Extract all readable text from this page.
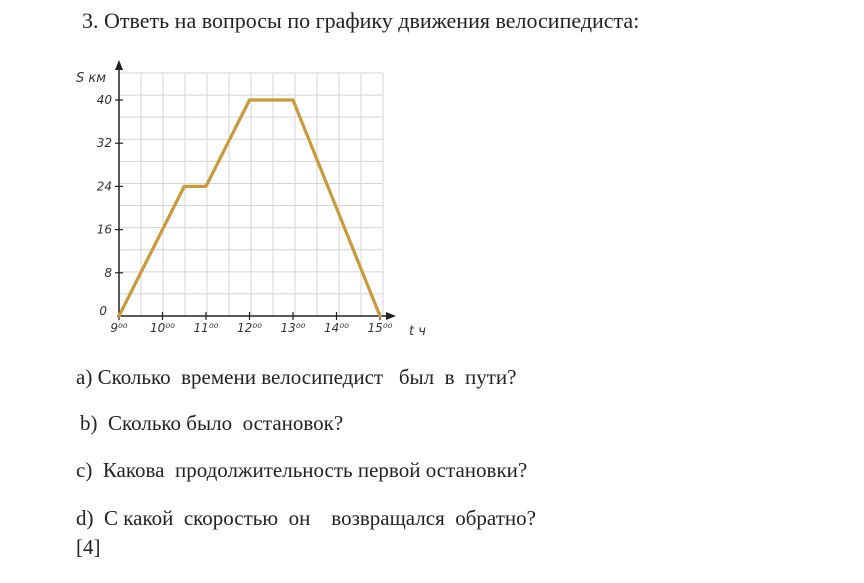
3. Ответь на вопросы по графику движения велосипедиста:
9⁰⁰ 10⁰⁰ 11⁰⁰ 12⁰⁰ 13⁰⁰ 14⁰⁰ 15⁰⁰
8
16
24
32
40
0
S км
t ч
a) Сколько  времени велосипедист   был  в  пути?
b)  Сколько было  остановок?
c)  Какова  продолжительность первой остановки?
d)  С какой  скоростью  он    возвращался  обратно?
[4]
